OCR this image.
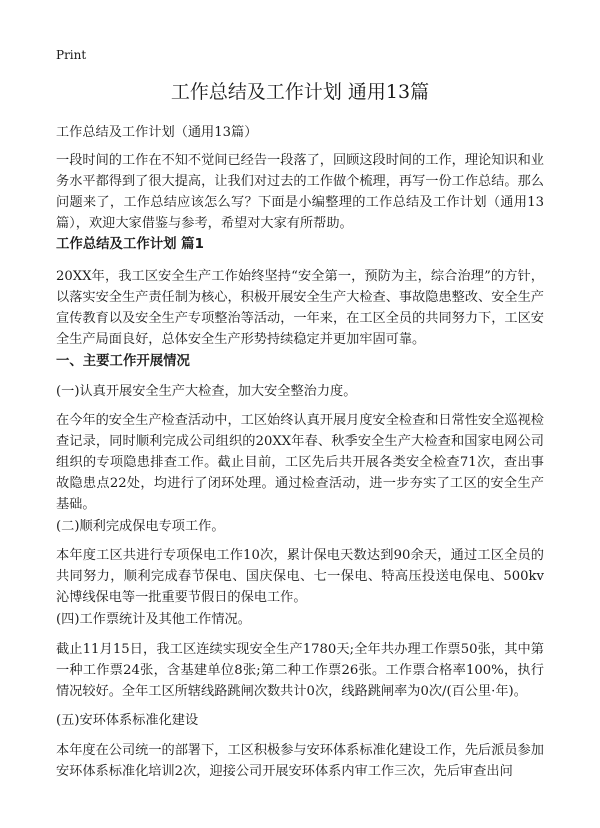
Print
工作总结及工作计划 通用13篇

工作总结及工作计划（通用13篇）

一段时间的工作在不知不觉间已经告一段落了，回顾这段时间的工作，理论知识和业务水平都得到了很大提高，让我们对过去的工作做个梳理，再写一份工作总结。那么问题来了，工作总结应该怎么写？下面是小编整理的工作总结及工作计划（通用13篇），欢迎大家借鉴与参考，希望对大家有所帮助。

工作总结及工作计划 篇1

20XX年，我工区安全生产工作始终坚持“安全第一，预防为主，综合治理”的方针，以落实安全生产责任制为核心，积极开展安全生产大检查、事故隐患整改、安全生产宣传教育以及安全生产专项整治等活动，一年来，在工区全员的共同努力下，工区安全生产局面良好，总体安全生产形势持续稳定并更加牢固可靠。

一、主要工作开展情况

(一)认真开展安全生产大检查，加大安全整治力度。

在今年的安全生产检查活动中，工区始终认真开展月度安全检查和日常性安全巡视检查记录，同时顺利完成公司组织的20XX年春、秋季安全生产大检查和国家电网公司组织的专项隐患排查工作。截止目前，工区先后共开展各类安全检查71次，查出事故隐患点22处，均进行了闭环处理。通过检查活动，进一步夯实了工区的安全生产基础。

(二)顺利完成保电专项工作。

本年度工区共进行专项保电工作10次，累计保电天数达到90余天，通过工区全员的共同努力，顺利完成春节保电、国庆保电、七一保电、特高压投送电保电、500kv沁博线保电等一批重要节假日的保电工作。

(四)工作票统计及其他工作情况。

截止11月15日，我工区连续实现安全生产1780天;全年共办理工作票50张，其中第一种工作票24张，含基建单位8张;第二种工作票26张。工作票合格率100%，执行情况较好。全年工区所辖线路跳闸次数共计0次，线路跳闸率为0次/(百公里·年)。

(五)安环体系标准化建设

本年度在公司统一的部署下，工区积极参与安环体系标准化建设工作，先后派员参加安环体系标准化培训2次，迎接公司开展安环体系内审工作三次，先后审查出问
